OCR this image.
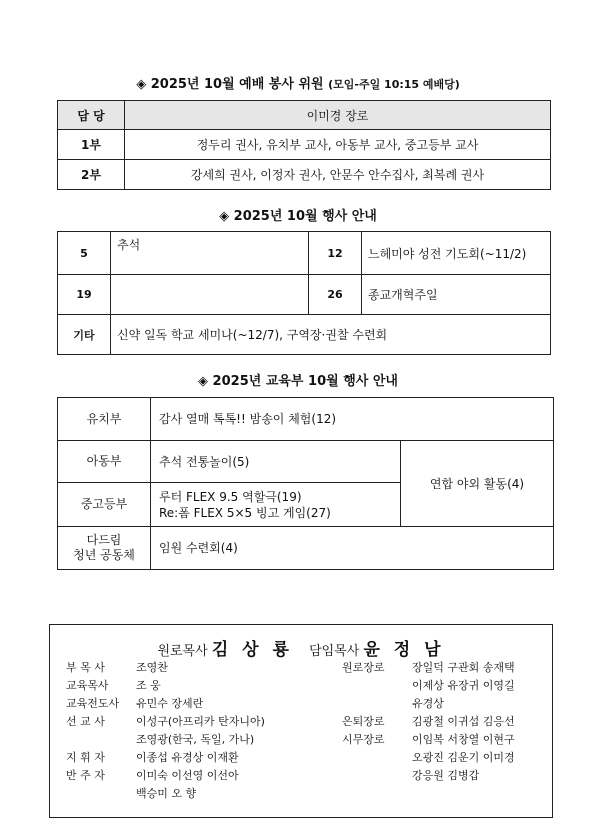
◈ 2025년 10월 예배 봉사 위원 (모임-주일 10:15 예배당)
담 당	이미경 장로
1부	정두리 권사, 유치부 교사, 아동부 교사, 중고등부 교사
2부	강세희 권사, 이정자 권사, 안문수 안수집사, 최복례 권사
◈ 2025년 10월 행사 안내
5	추석	12	느헤미야 성전 기도회(~11/2)
19		26	종교개혁주일
기타	신약 일독 학교 세미나(~12/7), 구역장·권찰 수련회		
◈ 2025년 교육부 10월 행사 안내
유치부	감사 열매 톡톡!! 밤송이 체험(12)	
아동부	추석 전통놀이(5)	연합 야외 활동(4)
중고등부	루터 FLEX 9.5 역할극(19)
Re:폼 FLEX 5×5 빙고 게임(27)	

다드림
청년 공동체	임원 수련회(4)	
원로목사 김 상 룡 담임목사 윤 정 남
부 목 사	조영찬
교육목사 조 웅
교육전도사 유민수 장세란
선 교 사	이성구(아프리카 탄자니아)
조영광(한국, 독일, 가나)
지 휘 자	이종섭 유경상 이재환
반 주 자	이미숙 이선영 이선아
백승미 오 향
원로장로 장일덕 구관회 송재택
이제상 유장귀 이영길
유경상
은퇴장로 김광철 이귀섭 김응선
시무장로 이임복 서창열 이현구
오광진 김운기 이미경
강응원 김병갑
